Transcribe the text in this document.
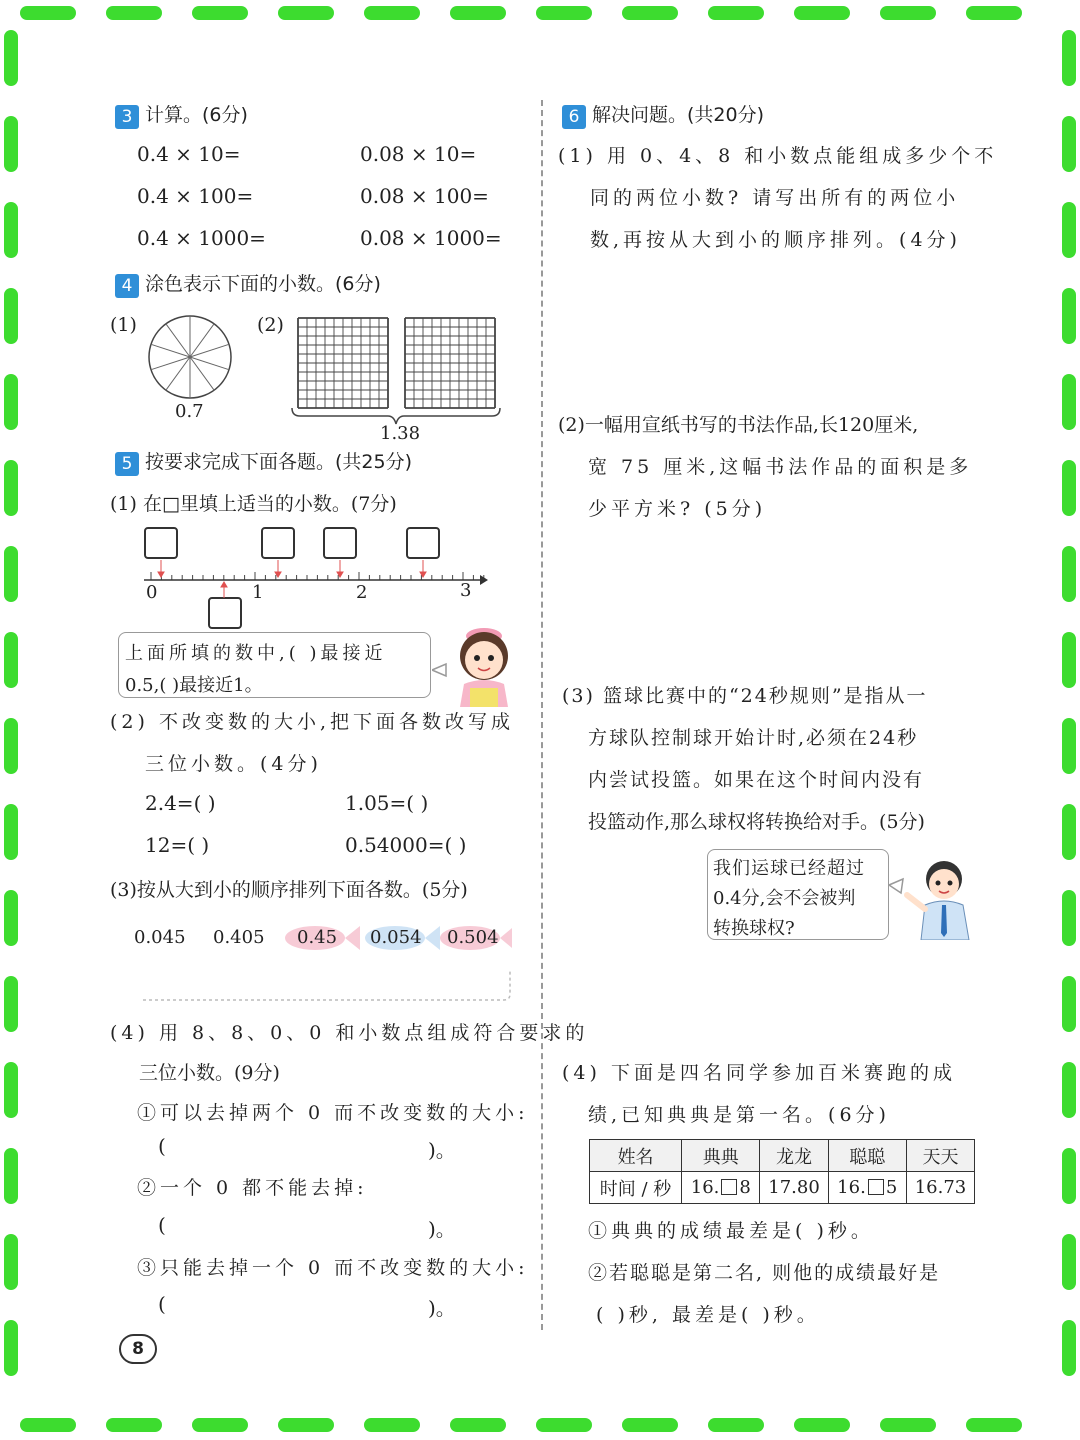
3 计算。(6分)
0.4 × 10=	0.08 × 10=
0.4 × 100=	0.08 × 100=
0.4 × 1000=	0.08 × 1000=
4 涂色表示下面的小数。(6分)
(1)
0.7
(2)
1.38
5 按要求完成下面各题。(共25分)
(1) 在□里填上适当的小数。(7分)
0	1	2	3
上面所填的数中,( )最接近
0.5,( )最接近1。
(2) 不改变数的大小,把下面各数改写成
三位小数。(4分)
2.4=( )	1.05=( )
12=( )	0.54000=( )
(3)按从大到小的顺序排列下面各数。(5分)
0.045 0.405 0.45 0.054 0.504
(4) 用 8、8、0、0 和小数点组成符合要求的
三位小数。(9分)
①可以去掉两个 0 而不改变数的大小:
(	)。
②一个 0 都不能去掉:
(	)。
③只能去掉一个 0 而不改变数的大小:
(	)。
8
6 解决问题。(共20分)
(1) 用 0、4、8 和小数点能组成多少个不
同的两位小数? 请写出所有的两位小
数,再按从大到小的顺序排列。(4分)
(2)一幅用宣纸书写的书法作品,长120厘米,
宽 75 厘米,这幅书法作品的面积是多
少平方米? (5分)
(3) 篮球比赛中的“24秒规则”是指从一
方球队控制球开始计时,必须在24秒
内尝试投篮。如果在这个时间内没有
投篮动作,那么球权将转换给对手。(5分)
我们运球已经超过
0.4分,会不会被判
转换球权?
(4) 下面是四名同学参加百米赛跑的成
绩,已知典典是第一名。(6分)
姓名	典典	龙龙	聪聪	天天
时间 / 秒	16. 8	17.80	16. 5	16.73
①典典的成绩最差是( )秒。
②若聪聪是第二名, 则他的成绩最好是
( )秒, 最差是( )秒。
